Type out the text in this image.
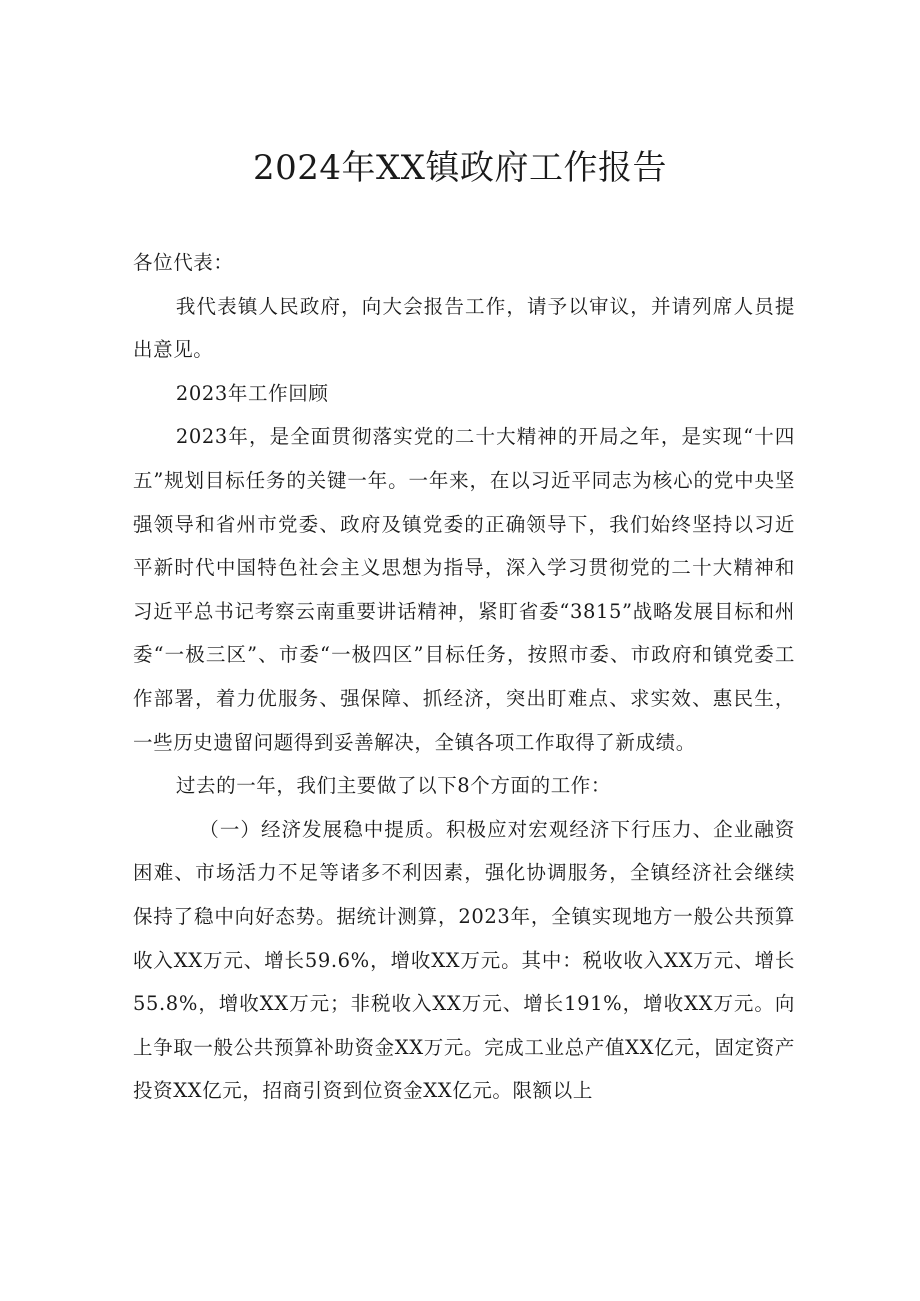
2024年XX镇政府工作报告

各位代表：

我代表镇人民政府，向大会报告工作，请予以审议，并请列席人员提出意见。

2023年工作回顾

2023年，是全面贯彻落实党的二十大精神的开局之年，是实现“十四五”规划目标任务的关键一年。一年来，在以习近平同志为核心的党中央坚强领导和省州市党委、政府及镇党委的正确领导下，我们始终坚持以习近平新时代中国特色社会主义思想为指导，深入学习贯彻党的二十大精神和习近平总书记考察云南重要讲话精神，紧盯省委“3815”战略发展目标和州委“一极三区”、市委“一极四区”目标任务，按照市委、市政府和镇党委工作部署，着力优服务、强保障、抓经济，突出盯难点、求实效、惠民生，一些历史遗留问题得到妥善解决，全镇各项工作取得了新成绩。

过去的一年，我们主要做了以下8个方面的工作：

（一）经济发展稳中提质。积极应对宏观经济下行压力、企业融资困难、市场活力不足等诸多不利因素，强化协调服务，全镇经济社会继续保持了稳中向好态势。据统计测算，2023年，全镇实现地方一般公共预算收入XX万元、增长59.6%，增收XX万元。其中：税收收入XX万元、增长55.8%，增收XX万元；非税收入XX万元、增长191%，增收XX万元。向上争取一般公共预算补助资金XX万元。完成工业总产值XX亿元，固定资产投资XX亿元，招商引资到位资金XX亿元。限额以上
